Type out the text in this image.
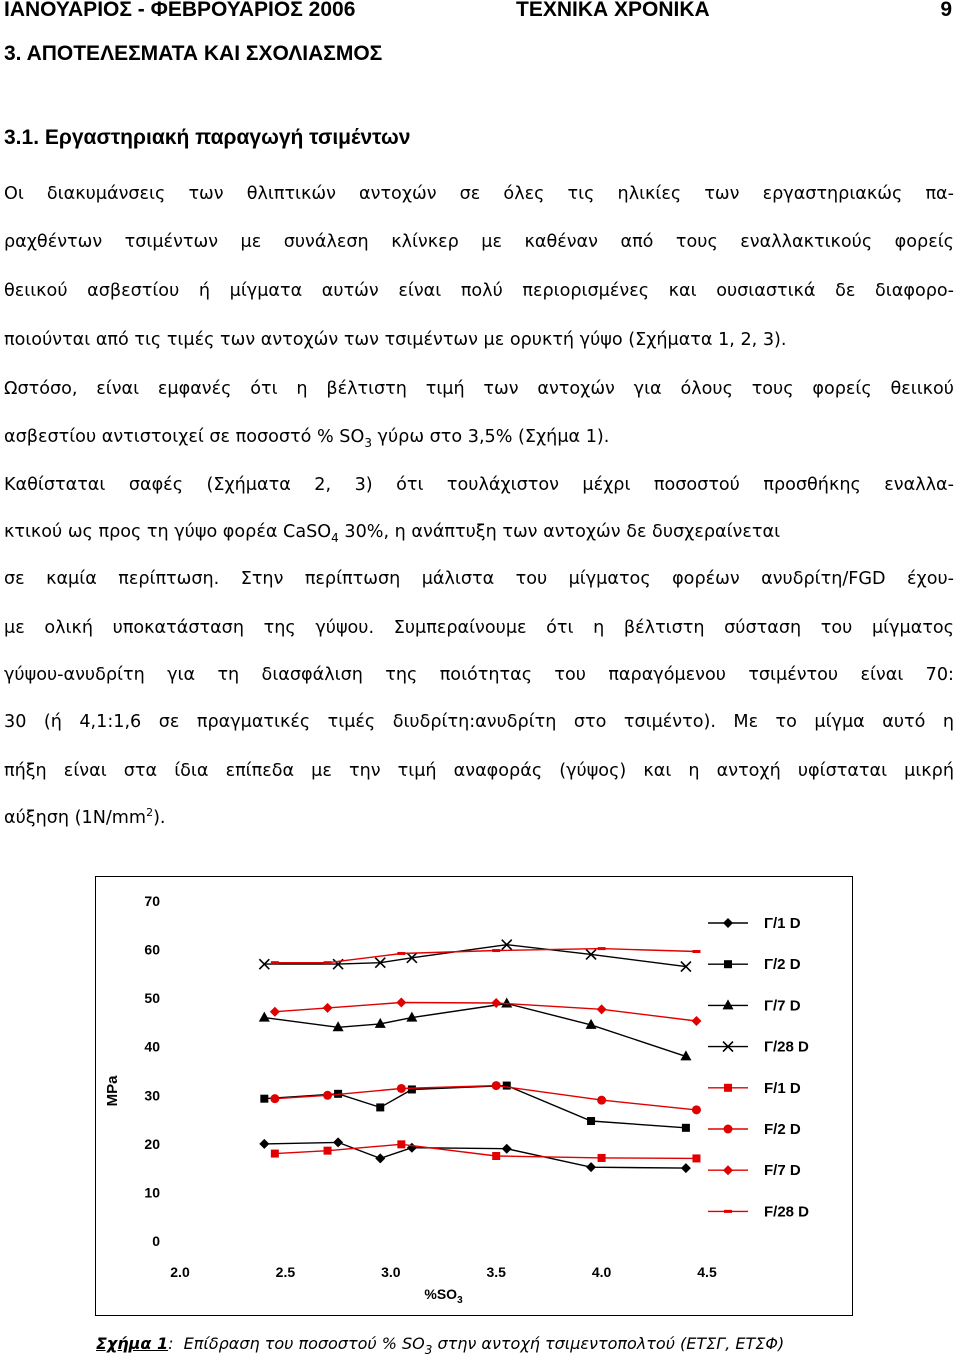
ΙΑΝΟΥΑΡΙΟΣ - ΦΕΒΡΟΥΑΡΙΟΣ 2006	ΤΕΧΝΙΚΑ ΧΡΟΝΙΚΑ	9
3. ΑΠΟΤΕΛΕΣΜΑΤΑ ΚΑΙ ΣΧΟΛΙΑΣΜΟΣ
3.1. Εργαστηριακή παραγωγή τσιμέντων
Οι διακυμάνσεις των θλιπτικών αντοχών σε όλες τις ηλικίες των εργαστηριακώς πα-
ραχθέντων τσιμέντων με συνάλεση κλίνκερ με καθέναν από τους εναλλακτικούς φορείς
θειικού ασβεστίου ή μίγματα αυτών είναι πολύ περιορισμένες και ουσιαστικά δε διαφορο-
ποιούνται από τις τιμές των αντοχών των τσιμέντων με ορυκτή γύψο (Σχήματα 1, 2, 3).
Ωστόσο, είναι εμφανές ότι η βέλτιστη τιμή των αντοχών για όλους τους φορείς θειικού
ασβεστίου αντιστοιχεί σε ποσοστό % $SO_3$ γύρω στο 3,5% (Σχήμα 1).
Καθίσταται σαφές (Σχήματα 2, 3) ότι τουλάχιστον μέχρι ποσοστού προσθήκης εναλλα-
κτικού ως προς τη γύψο φορέα CaSO$_4$ 30%, η ανάπτυξη των αντοχών δε δυσχεραίνεται
σε καμία περίπτωση. Στην περίπτωση μάλιστα του μίγματος φορέων ανυδρίτη/FGD έχου-
με ολική υποκατάσταση της γύψου. Συμπεραίνουμε ότι η βέλτιστη σύσταση του μίγματος
γύψου-ανυδρίτη για τη διασφάλιση της ποιότητας του παραγόμενου τσιμέντου είναι 70:
30 (ή 4,1:1,6 σε πραγματικές τιμές διυδρίτη:ανυδρίτη στο τσιμέντο). Με το μίγμα αυτό η
πήξη είναι στα ίδια επίπεδα με την τιμή αναφοράς (γύψος) και η αντοχή υφίσταται μικρή
αύξηση $(1N/mm^2)$.
0
10
20
30
40
50
60
70
2.0	2.5	3.0	3.5	4.0	4.5
MPa
$\%SO_3$
Γ/1 D
Γ/2 D
Γ/7 D
Γ/28 D
F/1 D
F/2 D
F/7 D
F/28 D
Σχήμα 1: Επίδραση του ποσοστού % $SO_3$ στην αντοχή τσιμεντοπολτού (ΕΤΣΓ, ΕΤΣΦ)
